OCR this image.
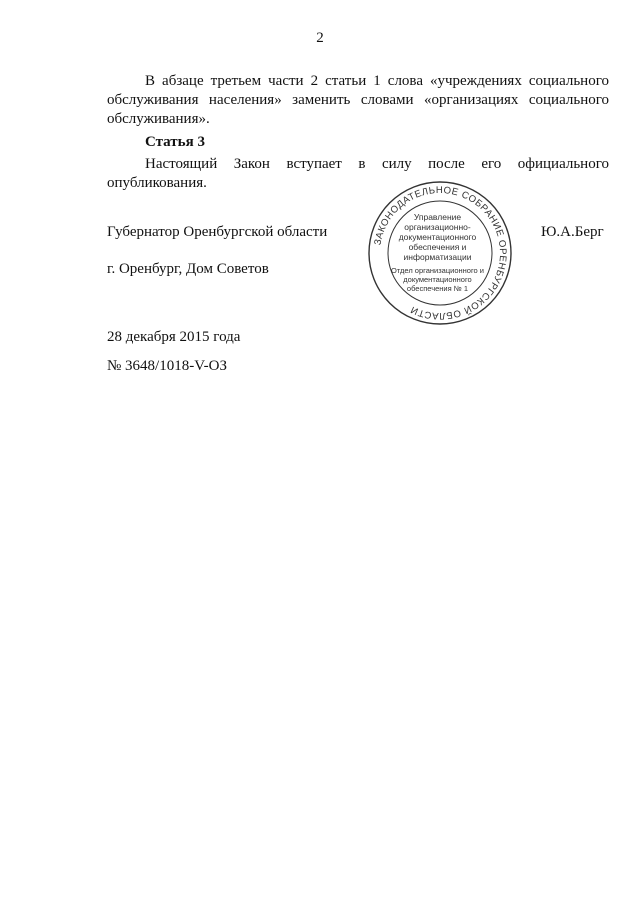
2

В абзаце третьем части 2 статьи 1 слова «учреждениях социального обслуживания населения» заменить словами «организациях социального обслуживания».

Статья 3

Настоящий Закон вступает в силу после его официального опубликования.

Губернатор Оренбургской области	Ю.А.Берг
ЗАКОНОДАТЕЛЬНОЕ СОБРАНИЕ ОРЕНБУРГСКОЙ ОБЛАСТИ
Управление организационно-документационного обеспечения и информатизации
Отдел организационного и документационного обеспечения № 1
г. Оренбург, Дом Советов
28 декабря 2015 года
№ 3648/1018-V-ОЗ
